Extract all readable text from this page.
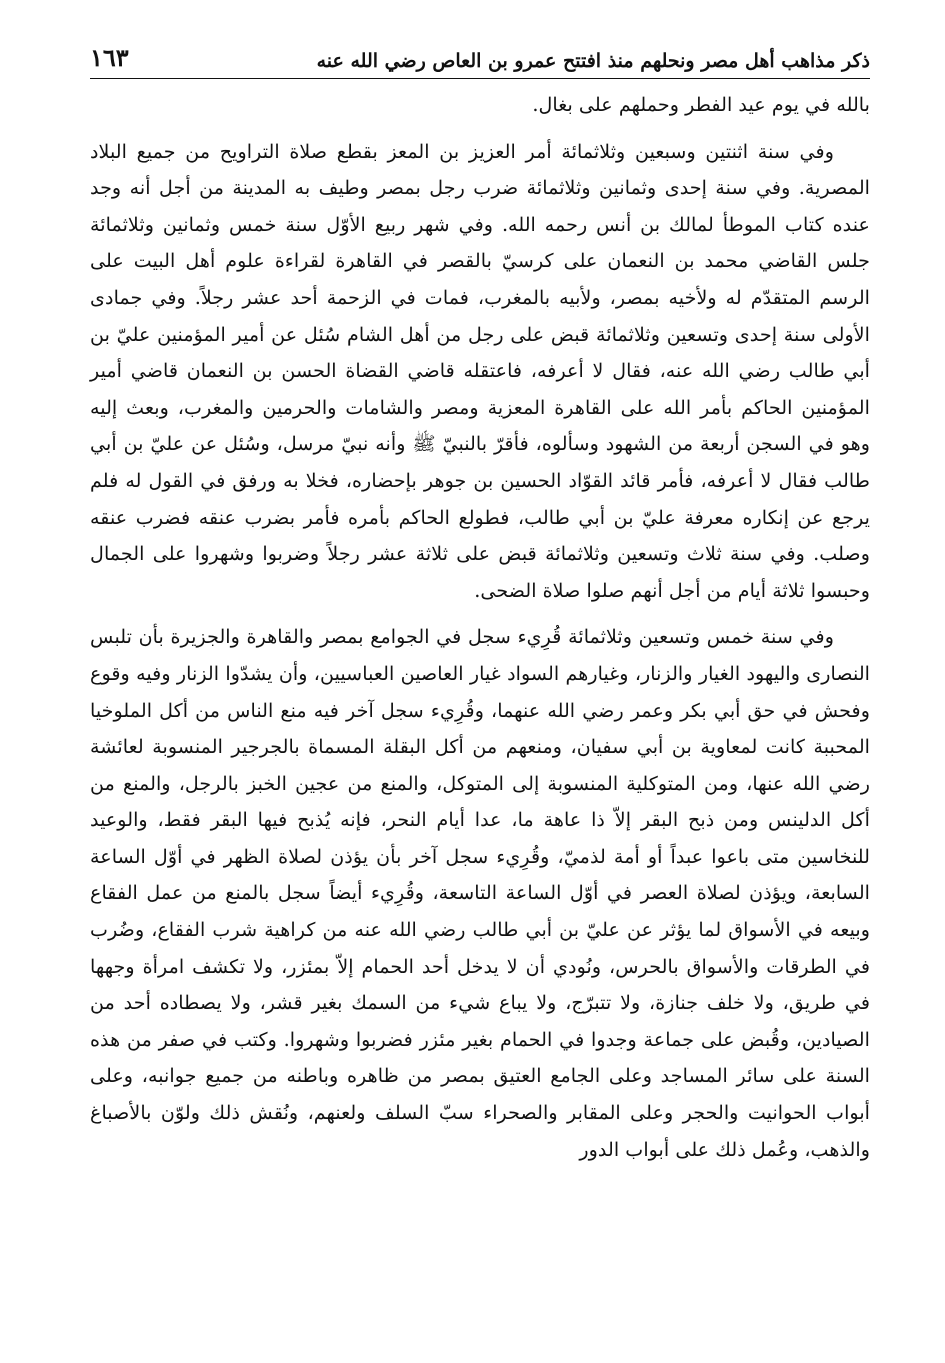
ذكر مذاهب أهل مصر ونحلهم منذ افتتح عمرو بن العاص رضي الله عنه
١٦٣

بالله في يوم عيد الفطر وحملهم على بغال.

وفي سنة اثنتين وسبعين وثلاثمائة أمر العزيز بن المعز بقطع صلاة التراويح من جميع البلاد المصرية. وفي سنة إحدى وثمانين وثلاثمائة ضرب رجل بمصر وطيف به المدينة من أجل أنه وجد عنده كتاب الموطأ لمالك بن أنس رحمه الله. وفي شهر ربيع الأوّل سنة خمس وثمانين وثلاثمائة جلس القاضي محمد بن النعمان على كرسيّ بالقصر في القاهرة لقراءة علوم أهل البيت على الرسم المتقدّم له ولأخيه بمصر، ولأبيه بالمغرب، فمات في الزحمة أحد عشر رجلاً. وفي جمادى الأولى سنة إحدى وتسعين وثلاثمائة قبض على رجل من أهل الشام سُئل عن أمير المؤمنين عليّ بن أبي طالب رضي الله عنه، فقال لا أعرفه، فاعتقله قاضي القضاة الحسن بن النعمان قاضي أمير المؤمنين الحاكم بأمر الله على القاهرة المعزية ومصر والشامات والحرمين والمغرب، وبعث إليه وهو في السجن أربعة من الشهود وسألوه، فأقرّ بالنبيّ ﷺ وأنه نبيّ مرسل، وسُئل عن عليّ بن أبي طالب فقال لا أعرفه، فأمر قائد القوّاد الحسين بن جوهر بإحضاره، فخلا به ورفق في القول له فلم يرجع عن إنكاره معرفة عليّ بن أبي طالب، فطولع الحاكم بأمره فأمر بضرب عنقه فضرب عنقه وصلب. وفي سنة ثلاث وتسعين وثلاثمائة قبض على ثلاثة عشر رجلاً وضربوا وشهروا على الجمال وحبسوا ثلاثة أيام من أجل أنهم صلوا صلاة الضحى.

وفي سنة خمس وتسعين وثلاثمائة قُرِيء سجل في الجوامع بمصر والقاهرة والجزيرة بأن تلبس النصارى واليهود الغيار والزنار، وغيارهم السواد غيار العاصين العباسيين، وأن يشدّوا الزنار وفيه وقوع وفحش في حق أبي بكر وعمر رضي الله عنهما، وقُرِيء سجل آخر فيه منع الناس من أكل الملوخيا المحببة كانت لمعاوية بن أبي سفيان، ومنعهم من أكل البقلة المسماة بالجرجير المنسوبة لعائشة رضي الله عنها، ومن المتوكلية المنسوبة إلى المتوكل، والمنع من عجين الخبز بالرجل، والمنع من أكل الدلينس ومن ذبح البقر إلاّ ذا عاهة ما، عدا أيام النحر، فإنه يُذبح فيها البقر فقط، والوعيد للنخاسين متى باعوا عبداً أو أمة لذميّ، وقُرِيء سجل آخر بأن يؤذن لصلاة الظهر في أوّل الساعة السابعة، ويؤذن لصلاة العصر في أوّل الساعة التاسعة، وقُرِيء أيضاً سجل بالمنع من عمل الفقاع وبيعه في الأسواق لما يؤثر عن عليّ بن أبي طالب رضي الله عنه من كراهية شرب الفقاع، وضُرب في الطرقات والأسواق بالحرس، ونُودي أن لا يدخل أحد الحمام إلاّ بمئزر، ولا تكشف امرأة وجهها في طريق، ولا خلف جنازة، ولا تتبرّج، ولا يباع شيء من السمك بغير قشر، ولا يصطاده أحد من الصيادين، وقُبض على جماعة وجدوا في الحمام بغير مئزر فضربوا وشهروا. وكتب في صفر من هذه السنة على سائر المساجد وعلى الجامع العتيق بمصر من ظاهره وباطنه من جميع جوانبه، وعلى أبواب الحوانيت والحجر وعلى المقابر والصحراء سبّ السلف ولعنهم، ونُقش ذلك ولوّن بالأصباغ والذهب، وعُمل ذلك على أبواب الدور
